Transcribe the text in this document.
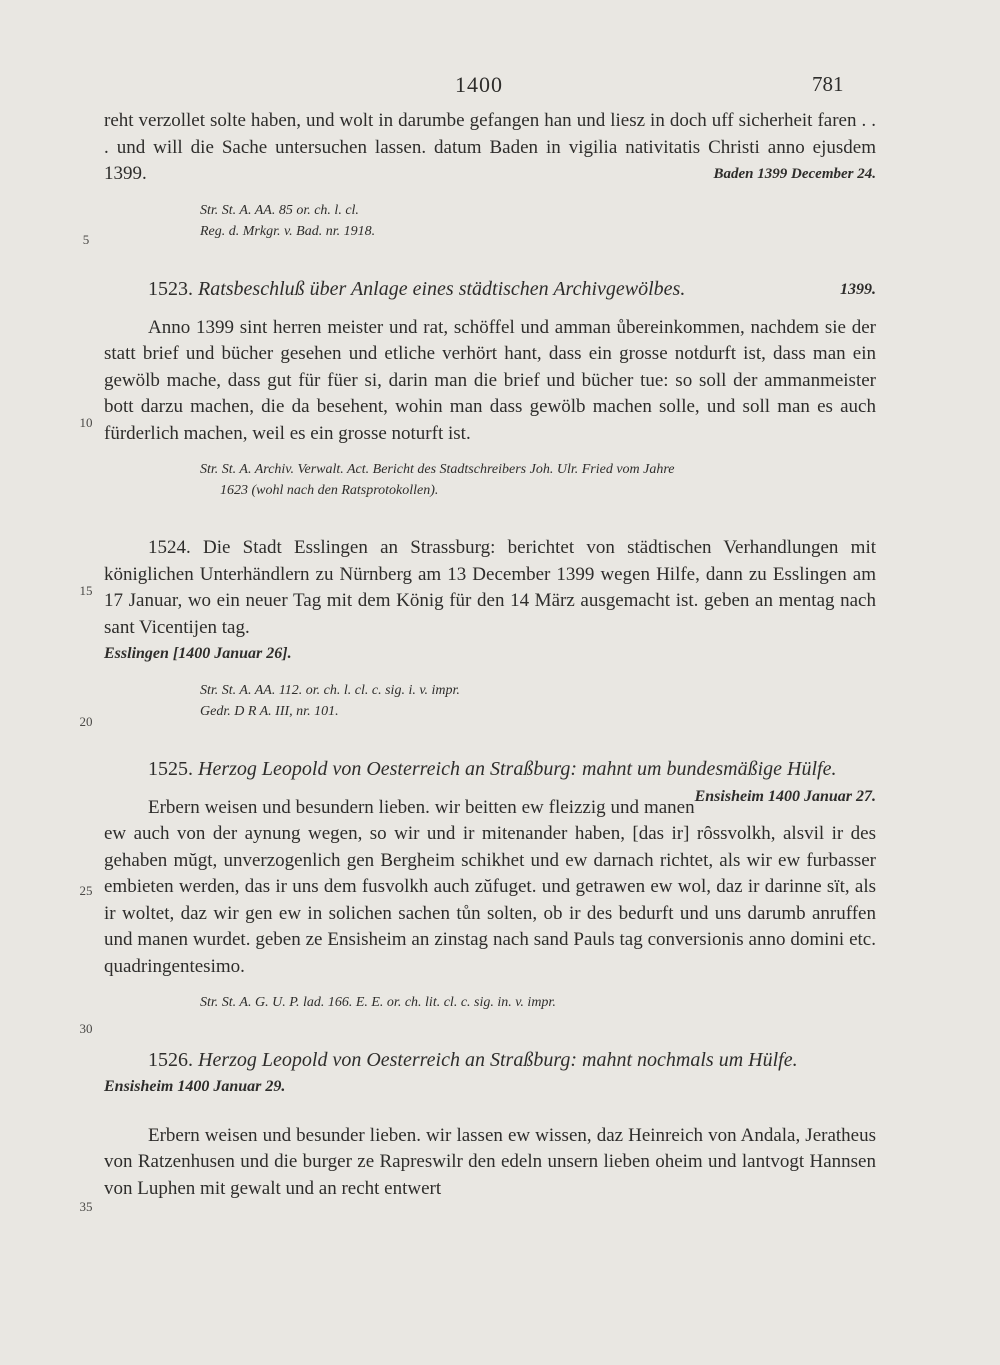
1400	781
5
10
15
20
25
30
35

reht verzollet solte haben, und wolt in darumbe gefangen han und liesz in doch uff sicherheit faren . . . und will die Sache untersuchen lassen. datum Baden in vigilia nativitatis Christi anno ejusdem 1399.	Baden 1399 December 24.

Str. St. A. AA. 85 or. ch. l. cl.

Reg. d. Mrkgr. v. Bad. nr. 1918.

1523. Ratsbeschluß über Anlage eines städtischen Archivgewölbes.	1399.

Anno 1399 sint herren meister und rat, schöffel und amman ůbereinkommen, nachdem sie der statt brief und bücher gesehen und etliche verhört hant, dass ein grosse notdurft ist, dass man ein gewölb mache, dass gut für füer si, darin man die brief und bücher tue: so soll der ammanmeister bott darzu machen, die da besehent, wohin man dass gewölb machen solle, und soll man es auch fürderlich machen, weil es ein grosse noturft ist.

Str. St. A. Archiv. Verwalt. Act. Bericht des Stadtschreibers Joh. Ulr. Fried vom Jahre
1623 (wohl nach den Ratsprotokollen).

1524. Die Stadt Esslingen an Strassburg: berichtet von städtischen Verhandlungen mit königlichen Unterhändlern zu Nürnberg am 13 December 1399 wegen Hilfe, dann zu Esslingen am 17 Januar, wo ein neuer Tag mit dem König für den 14 März ausgemacht ist. geben an mentag nach sant Vicentijen tag.

Esslingen [1400 Januar 26].

Str. St. A. AA. 112. or. ch. l. cl. c. sig. i. v. impr.

Gedr. D R A. III, nr. 101.

1525. Herzog Leopold von Oesterreich an Straßburg: mahnt um bundesmäßige Hülfe.
Ensisheim 1400 Januar 27.

Erbern weisen und besundern lieben. wir beitten ew fleizzig und manen ew auch von der aynung wegen, so wir und ir mitenander haben, [das ir] rȏssvolkh, alsvil ir des gehaben mŭgt, unverzogenlich gen Bergheim schikhet und ew darnach richtet, als wir ew furbasser embieten werden, das ir uns dem fusvolkh auch zŭfuget. und getrawen ew wol, daz ir darinne sït, als ir woltet, daz wir gen ew in solichen sachen tůn solten, ob ir des bedurft und uns darumb anruffen und manen wurdet. geben ze Ensisheim an zinstag nach sand Pauls tag conversionis anno domini etc. quadringentesimo.

Str. St. A. G. U. P. lad. 166. E. E. or. ch. lit. cl. c. sig. in. v. impr.

1526. Herzog Leopold von Oesterreich an Straßburg: mahnt nochmals um Hülfe.

Ensisheim 1400 Januar 29.

Erbern weisen und besunder lieben. wir lassen ew wissen, daz Heinreich von Andala, Jeratheus von Ratzenhusen und die burger ze Rapreswilr den edeln unsern lieben oheim und lantvogt Hannsen von Luphen mit gewalt und an recht entwert
